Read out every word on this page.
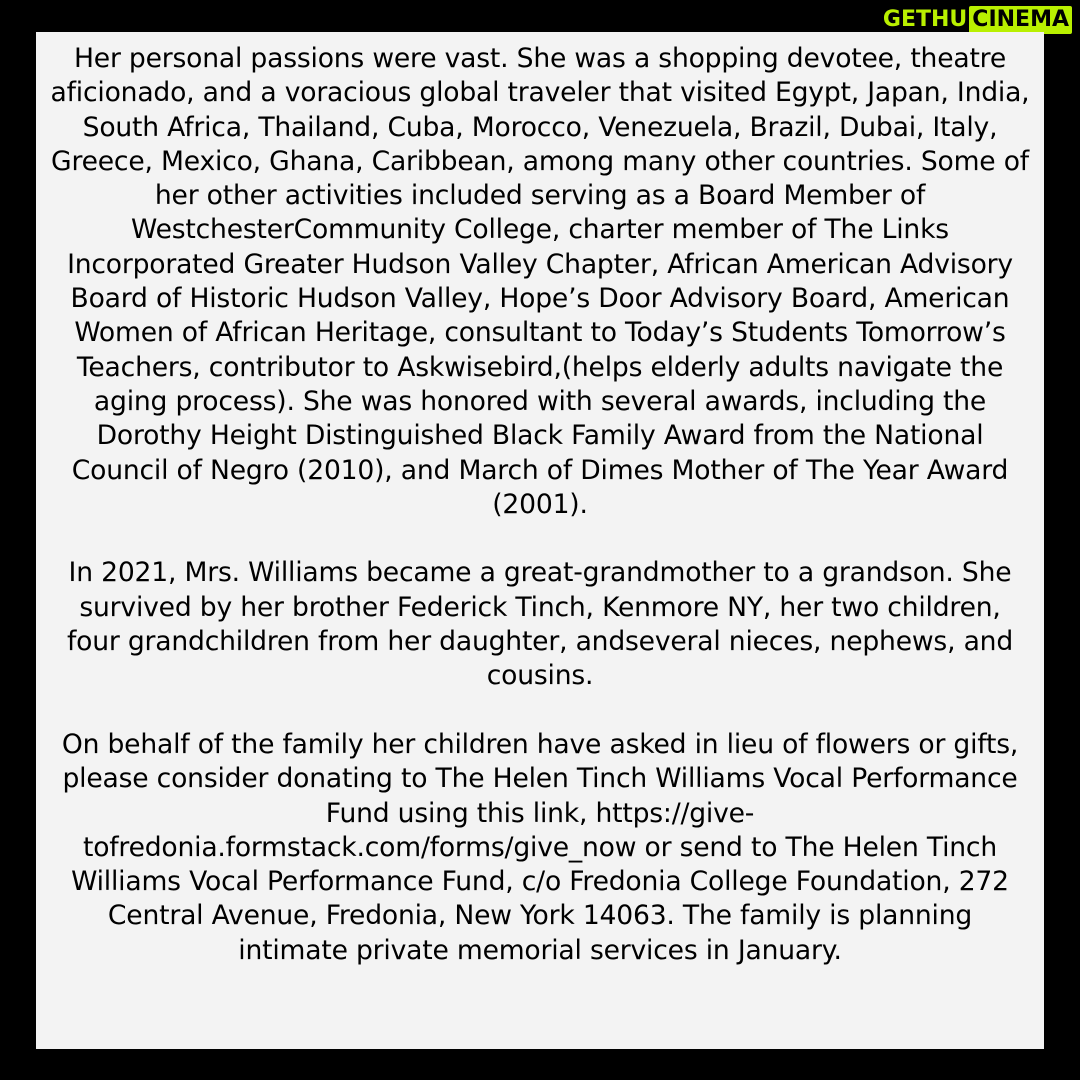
GETHU CINEMA

Her personal passions were vast. She was a shopping devotee, theatre aficionado, and a voracious global traveler that visited Egypt, Japan, India, South Africa, Thailand, Cuba, Morocco, Venezuela, Brazil, Dubai, Italy, Greece, Mexico, Ghana, Caribbean, among many other countries. Some of her other activities included serving as a Board Member of WestchesterCommunity College, charter member of The Links Incorporated Greater Hudson Valley Chapter, African American Advisory Board of Historic Hudson Valley, Hope’s Door Advisory Board, American Women of African Heritage, consultant to Today’s Students Tomorrow’s Teachers, contributor to Askwisebird,(helps elderly adults navigate the aging process). She was honored with several awards, including the Dorothy Height Distinguished Black Family Award from the National Council of Negro (2010), and March of Dimes Mother of The Year Award (2001).

In 2021, Mrs. Williams became a great-grandmother to a grandson. She survived by her brother Federick Tinch, Kenmore NY, her two children, four grandchildren from her daughter, andseveral nieces, nephews, and cousins.

On behalf of the family her children have asked in lieu of flowers or gifts, please consider donating to The Helen Tinch Williams Vocal Performance Fund using this link, https://give-tofredonia.formstack.com/forms/give_now or send to The Helen Tinch Williams Vocal Performance Fund, c/o Fredonia College Foundation, 272 Central Avenue, Fredonia, New York 14063. The family is planning intimate private memorial services in January.
